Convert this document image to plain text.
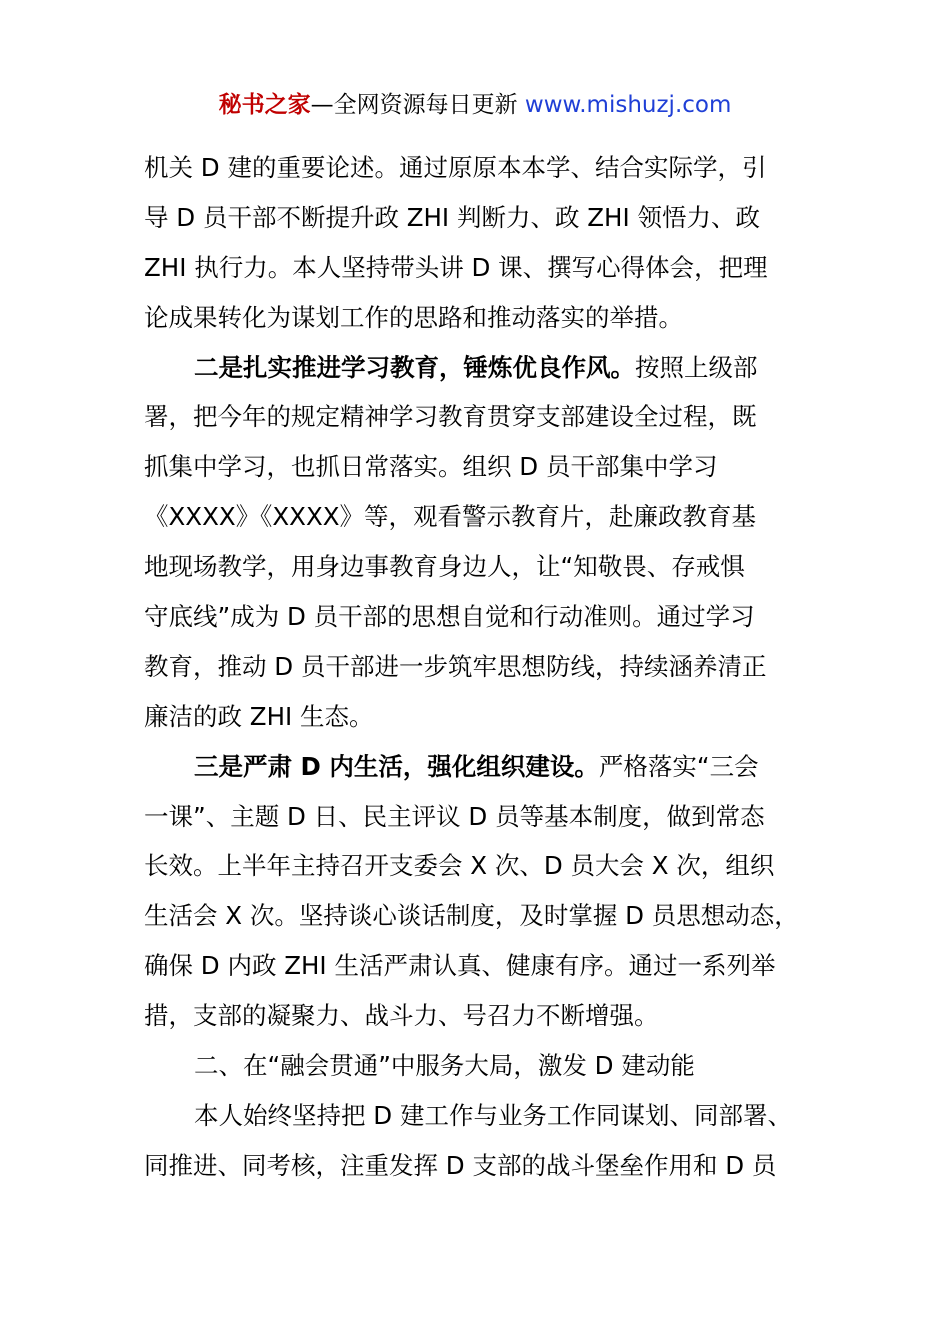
秘书之家—全网资源每日更新 www.mishuzj.com
机关 D 建的重要论述。通过原原本本学、结合实际学，引
导 D 员干部不断提升政 ZHI 判断力、政 ZHI 领悟力、政
ZHI 执行力。本人坚持带头讲 D 课、撰写心得体会，把理
论成果转化为谋划工作的思路和推动落实的举措。
二是扎实推进学习教育，锤炼优良作风。按照上级部
署，把今年的规定精神学习教育贯穿支部建设全过程，既
抓集中学习，也抓日常落实。组织 D 员干部集中学习
《XXXX》《XXXX》等，观看警示教育片，赴廉政教育基
地现场教学，用身边事教育身边人，让“知敬畏、存戒惧
守底线”成为 D 员干部的思想自觉和行动准则。通过学习
教育，推动 D 员干部进一步筑牢思想防线，持续涵养清正
廉洁的政 ZHI 生态。
三是严肃 D 内生活，强化组织建设。严格落实“三会
一课”、主题 D 日、民主评议 D 员等基本制度，做到常态
长效。上半年主持召开支委会 X 次、D 员大会 X 次，组织
生活会 X 次。坚持谈心谈话制度，及时掌握 D 员思想动态，
确保 D 内政 ZHI 生活严肃认真、健康有序。通过一系列举
措，支部的凝聚力、战斗力、号召力不断增强。
二、在“融会贯通”中服务大局，激发 D 建动能
本人始终坚持把 D 建工作与业务工作同谋划、同部署、
同推进、同考核，注重发挥 D 支部的战斗堡垒作用和 D 员
